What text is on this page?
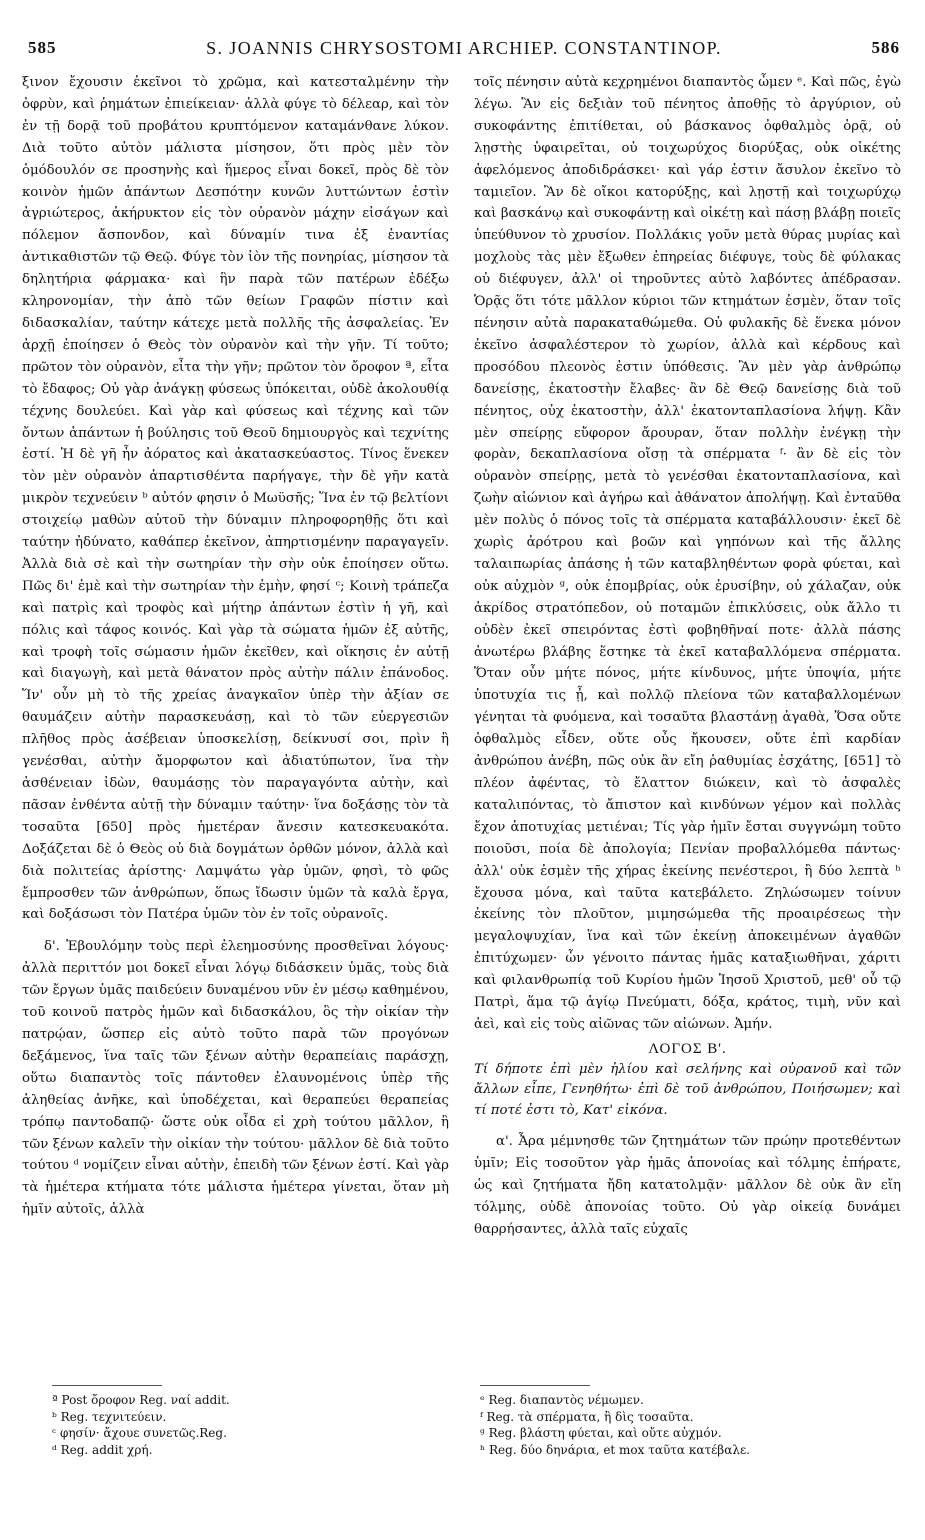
585	S. JOANNIS CHRYSOSTOMI ARCHIEP. CONSTANTINOP.	586

ξινον ἔχουσιν ἐκεῖνοι τὸ χρῶμα, καὶ κατεσταλμένην τὴν ὀφρὺν, καὶ ῥημάτων ἐπιείκειαν· ἀλλὰ φύγε τὸ δέλεαρ, καὶ τὸν ἐν τῇ δορᾷ τοῦ προβάτου κρυπτόμενον καταμάνθανε λύκον. Διὰ τοῦτο αὐτὸν μάλιστα μίσησον, ὅτι πρὸς μὲν τὸν ὁμόδουλόν σε προσηνὴς καὶ ἥμερος εἶναι δοκεῖ, πρὸς δὲ τὸν κοινὸν ἡμῶν ἁπάντων Δεσπότην κυνῶν λυττώντων ἐστὶν ἀγριώτερος, ἀκήρυκτον εἰς τὸν οὐρανὸν μάχην εἰσάγων καὶ πόλεμον ἄσπονδον, καὶ δύναμίν τινα ἐξ ἐναντίας ἀντικαθιστῶν τῷ Θεῷ. Φύγε τὸν ἰὸν τῆς πονηρίας, μίσησον τὰ δηλητήρια φάρμακα· καὶ ἣν παρὰ τῶν πατέρων ἐδέξω κληρονομίαν, τὴν ἀπὸ τῶν θείων Γραφῶν πίστιν καὶ διδασκαλίαν, ταύτην κάτεχε μετὰ πολλῆς τῆς ἀσφαλείας. Ἐν ἀρχῇ ἐποίησεν ὁ Θεὸς τὸν οὐρανὸν καὶ τὴν γῆν. Τί τοῦτο; πρῶτον τὸν οὐρανὸν, εἶτα τὴν γῆν; πρῶτον τὸν ὄροφον ª, εἶτα τὸ ἔδαφος; Οὐ γὰρ ἀνάγκῃ φύσεως ὑπόκειται, οὐδὲ ἀκολουθίᾳ τέχνης δουλεύει. Καὶ γὰρ καὶ φύσεως καὶ τέχνης καὶ τῶν ὄντων ἁπάντων ἡ βούλησις τοῦ Θεοῦ δημιουργὸς καὶ τεχνίτης ἐστί. Ἡ δὲ γῆ ἦν ἀόρατος καὶ ἀκατασκεύαστος. Τίνος ἕνεκεν τὸν μὲν οὐρανὸν ἀπαρτισθέντα παρήγαγε, τὴν δὲ γῆν κατὰ μικρὸν τεχνεύειν ᵇ αὐτόν φησιν ὁ Μωϋσῆς; Ἵνα ἐν τῷ βελτίονι στοιχείῳ μαθὼν αὐτοῦ τὴν δύναμιν πληροφορηθῇς ὅτι καὶ ταύτην ἠδύνατο, καθάπερ ἐκεῖνον, ἀπηρτισμένην παραγαγεῖν. Ἀλλὰ διὰ σὲ καὶ τὴν σωτηρίαν τὴν σὴν οὐκ ἐποίησεν οὕτω. Πῶς δι' ἐμὲ καὶ τὴν σωτηρίαν τὴν ἐμὴν, φησί ᶜ; Κοινὴ τράπεζα καὶ πατρὶς καὶ τροφὸς καὶ μήτηρ ἁπάντων ἐστὶν ἡ γῆ, καὶ πόλις καὶ τάφος κοινός. Καὶ γὰρ τὰ σώματα ἡμῶν ἐξ αὐτῆς, καὶ τροφὴ τοῖς σώμασιν ἡμῶν ἐκεῖθεν, καὶ οἴκησις ἐν αὐτῇ καὶ διαγωγὴ, καὶ μετὰ θάνατον πρὸς αὐτὴν πάλιν ἐπάνοδος. Ἵν' οὖν μὴ τὸ τῆς χρείας ἀναγκαῖον ὑπὲρ τὴν ἀξίαν σε θαυμάζειν αὐτὴν παρασκευάσῃ, καὶ τὸ τῶν εὐεργεσιῶν πλῆθος πρὸς ἀσέβειαν ὑποσκελίσῃ, δείκνυσί σοι, πρὶν ἢ γενέσθαι, αὐτὴν ἄμορφωτον καὶ ἀδιατύπωτον, ἵνα τὴν ἀσθένειαν ἰδὼν, θαυμάσῃς τὸν παραγαγόντα αὐτὴν, καὶ πᾶσαν ἐνθέντα αὐτῇ τὴν δύναμιν ταύτην· ἵνα δοξάσῃς τὸν τὰ τοσαῦτα [650] πρὸς ἡμετέραν ἄνεσιν κατεσκευακότα. Δοξάζεται δὲ ὁ Θεὸς οὐ διὰ δογμάτων ὀρθῶν μόνον, ἀλλὰ καὶ διὰ πολιτείας ἀρίστης· Λαμψάτω γὰρ ὑμῶν, φησὶ, τὸ φῶς ἔμπροσθεν τῶν ἀνθρώπων, ὅπως ἴδωσιν ὑμῶν τὰ καλὰ ἔργα, καὶ δοξάσωσι τὸν Πατέρα ὑμῶν τὸν ἐν τοῖς οὐρανοῖς.

δ'. Ἐβουλόμην τοὺς περὶ ἐλεημοσύνης προσθεῖναι λόγους· ἀλλὰ περιττόν μοι δοκεῖ εἶναι λόγῳ διδάσκειν ὑμᾶς, τοὺς διὰ τῶν ἔργων ὑμᾶς παιδεύειν δυναμένου νῦν ἐν μέσῳ καθημένου, τοῦ κοινοῦ πατρὸς ἡμῶν καὶ διδασκάλου, ὃς τὴν οἰκίαν τὴν πατρῴαν, ὥσπερ εἰς αὐτὸ τοῦτο παρὰ τῶν προγόνων δεξάμενος, ἵνα ταῖς τῶν ξένων αὐτὴν θεραπείαις παράσχῃ, οὕτω διαπαντὸς τοῖς πάντοθεν ἐλαυνομένοις ὑπὲρ τῆς ἀληθείας ἀνῆκε, καὶ ὑποδέχεται, καὶ θεραπεύει θεραπείας τρόπῳ παντοδαπῷ· ὥστε οὐκ οἶδα εἰ χρὴ τούτου μᾶλλον, ἢ τῶν ξένων καλεῖν τὴν οἰκίαν τὴν τούτου· μᾶλλον δὲ διὰ τοῦτο τούτου ᵈ νομίζειν εἶναι αὐτὴν, ἐπειδὴ τῶν ξένων ἐστί. Καὶ γὰρ τὰ ἡμέτερα κτήματα τότε μάλιστα ἡμέτερα γίνεται, ὅταν μὴ ἡμῖν αὐτοῖς, ἀλλὰ

τοῖς πένησιν αὐτὰ κεχρημένοι διαπαντὸς ὦμεν ᵉ. Καὶ πῶς, ἐγὼ λέγω. Ἂν εἰς δεξιὰν τοῦ πένητος ἀποθῇς τὸ ἀργύριον, οὐ συκοφάντης ἐπιτίθεται, οὐ βάσκανος ὀφθαλμὸς ὁρᾷ, οὐ λῃστὴς ὑφαιρεῖται, οὐ τοιχωρύχος διορύξας, οὐκ οἰκέτης ἀφελόμενος ἀποδιδράσκει· καὶ γάρ ἐστιν ἄσυλον ἐκεῖνο τὸ ταμιεῖον. Ἂν δὲ οἴκοι κατορύξῃς, καὶ λῃστῇ καὶ τοιχωρύχῳ καὶ βασκάνῳ καὶ συκοφάντῃ καὶ οἰκέτῃ καὶ πάσῃ βλάβῃ ποιεῖς ὑπεύθυνον τὸ χρυσίον. Πολλάκις γοῦν μετὰ θύρας μυρίας καὶ μοχλοὺς τὰς μὲν ἔξωθεν ἐπηρείας διέφυγε, τοὺς δὲ φύλακας οὐ διέφυγεν, ἀλλ' οἱ τηροῦντες αὐτὸ λαβόντες ἀπέδρασαν. Ὁρᾷς ὅτι τότε μᾶλλον κύριοι τῶν κτημάτων ἐσμὲν, ὅταν τοῖς πένησιν αὐτὰ παρακαταθώμεθα. Οὐ φυλακῆς δὲ ἕνεκα μόνον ἐκεῖνο ἀσφαλέστερον τὸ χωρίον, ἀλλὰ καὶ κέρδους καὶ προσόδου πλεονὸς ἐστιν ὑπόθεσις. Ἂν μὲν γὰρ ἀνθρώπῳ δανείσῃς, ἑκατοστὴν ἔλαβες· ἂν δὲ Θεῷ δανείσῃς διὰ τοῦ πένητος, οὐχ ἑκατοστὴν, ἀλλ' ἑκατονταπλασίονα λήψῃ. Κἂν μὲν σπείρῃς εὔφορον ἄρουραν, ὅταν πολλὴν ἐνέγκῃ τὴν φορὰν, δεκαπλασίονα οἴσῃ τὰ σπέρματα ᶠ· ἂν δὲ εἰς τὸν οὐρανὸν σπείρῃς, μετὰ τὸ γενέσθαι ἑκατονταπλασίονα, καὶ ζωὴν αἰώνιον καὶ ἀγήρω καὶ ἀθάνατον ἀπολήψῃ. Καὶ ἐνταῦθα μὲν πολὺς ὁ πόνος τοῖς τὰ σπέρματα καταβάλλουσιν· ἐκεῖ δὲ χωρὶς ἀρότρου καὶ βοῶν καὶ γηπόνων καὶ τῆς ἄλλης ταλαιπωρίας ἁπάσης ἡ τῶν καταβληθέντων φορὰ φύεται, καὶ οὐκ αὐχμὸν ᵍ, οὐκ ἐπομβρίας, οὐκ ἐρυσίβην, οὐ χάλαζαν, οὐκ ἀκρίδος στρατόπεδον, οὐ ποταμῶν ἐπικλύσεις, οὐκ ἄλλο τι οὐδὲν ἐκεῖ σπειρόντας ἐστὶ φοβηθῆναί ποτε· ἀλλὰ πάσης ἀνωτέρω βλάβης ἕστηκε τὰ ἐκεῖ καταβαλλόμενα σπέρματα. Ὅταν οὖν μήτε πόνος, μήτε κίνδυνος, μήτε ὑποψία, μήτε ὑποτυχία τις ᾖ, καὶ πολλῷ πλείονα τῶν καταβαλλομένων γένηται τὰ φυόμενα, καὶ τοσαῦτα βλαστάνῃ ἀγαθὰ, Ὅσα οὔτε ὀφθαλμὸς εἶδεν, οὔτε οὖς ἤκουσεν, οὔτε ἐπὶ καρδίαν ἀνθρώπου ἀνέβη, πῶς οὐκ ἂν εἴη ῥαθυμίας ἐσχάτης, [651] τὸ πλέον ἀφέντας, τὸ ἔλαττον διώκειν, καὶ τὸ ἀσφαλὲς καταλιπόντας, τὸ ἄπιστον καὶ κινδύνων γέμον καὶ πολλὰς ἔχον ἀποτυχίας μετιέναι; Τίς γὰρ ἡμῖν ἔσται συγγνώμη τοῦτο ποιοῦσι, ποία δὲ ἀπολογία; Πενίαν προβαλλόμεθα πάντως· ἀλλ' οὐκ ἐσμὲν τῆς χήρας ἐκείνης πενέστεροι, ἢ δύο λεπτὰ ʰ ἔχουσα μόνα, καὶ ταῦτα κατεβάλετο. Ζηλώσωμεν τοίνυν ἐκείνης τὸν πλοῦτον, μιμησώμεθα τῆς προαιρέσεως τὴν μεγαλοψυχίαν, ἵνα καὶ τῶν ἐκείνῃ ἀποκειμένων ἀγαθῶν ἐπιτύχωμεν· ὧν γένοιτο πάντας ἡμᾶς καταξιωθῆναι, χάριτι καὶ φιλανθρωπίᾳ τοῦ Κυρίου ἡμῶν Ἰησοῦ Χριστοῦ, μεθ' οὗ τῷ Πατρὶ, ἅμα τῷ ἁγίῳ Πνεύματι, δόξα, κράτος, τιμὴ, νῦν καὶ ἀεὶ, καὶ εἰς τοὺς αἰῶνας τῶν αἰώνων. Ἀμήν.

ΛΟΓΟΣ Β'.

Τί δήποτε ἐπὶ μὲν ἡλίου καὶ σελήνης καὶ οὐρανοῦ καὶ τῶν ἄλλων εἶπε, Γενηθήτω· ἐπὶ δὲ τοῦ ἀνθρώπου, Ποιήσωμεν; καὶ τί ποτέ ἐστι τὸ, Κατ' εἰκόνα.

α'. Ἆρα μέμνησθε τῶν ζητημάτων τῶν πρώην προτεθέντων ὑμῖν; Εἰς τοσοῦτον γὰρ ἡμᾶς ἀπονοίας καὶ τόλμης ἐπήρατε, ὡς καὶ ζητήματα ἤδη κατατολμᾷν· μᾶλλον δὲ οὐκ ἂν εἴη τόλμης, οὐδὲ ἀπονοίας τοῦτο. Οὐ γὰρ οἰκείᾳ δυνάμει θαρρήσαντες, ἀλλὰ ταῖς εὐχαῖς

ª Post ὄροφον Reg. ναί addit.
ᵇ Reg. τεχνιτεύειν.
ᶜ φησίν· ἄχουε συνετῶς.Reg.
ᵈ Reg. addit χρή.
ᵉ Reg. διαπαντὸς νέμωμεν.
ᶠ Reg. τὰ σπέρματα, ἢ δὶς τοσαῦτα.
ᵍ Reg. βλάστη φύεται, καὶ οὔτε αὐχμόν.
ʰ Reg. δύο δηνάρια, et mox ταῦτα κατέβαλε.
